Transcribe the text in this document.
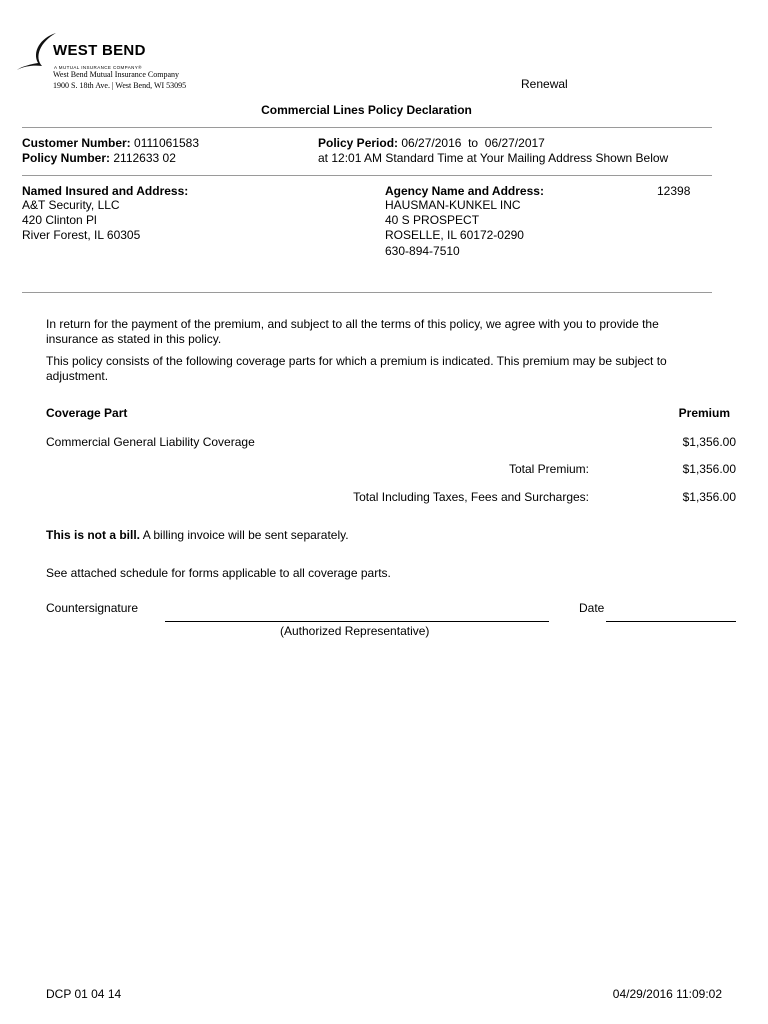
WEST BEND
A MUTUAL INSURANCE COMPANY®
West Bend Mutual Insurance Company
1900 S. 18th Ave. | West Bend, WI 53095	Renewal
Commercial Lines Policy Declaration
Customer Number: 0111061583
Policy Number: 2112633 02
Policy Period: 06/27/2016  to  06/27/2017
at 12:01 AM Standard Time at Your Mailing Address Shown Below
Named Insured and Address:
A&T Security, LLC
420 Clinton Pl
River Forest, IL 60305
Agency Name and Address:	12398
HAUSMAN-KUNKEL INC
40 S PROSPECT
ROSELLE, IL 60172-0290
630-894-7510
In return for the payment of the premium, and subject to all the terms of this policy, we agree with you to provide the insurance as stated in this policy.
This policy consists of the following coverage parts for which a premium is indicated. This premium may be subject to adjustment.
Coverage Part	Premium
Commercial General Liability Coverage	$1,356.00
Total Premium:	$1,356.00
Total Including Taxes, Fees and Surcharges:	$1,356.00
This is not a bill. A billing invoice will be sent separately.
See attached schedule for forms applicable to all coverage parts.
Countersignature
(Authorized Representative)
Date
DCP 01 04 14	04/29/2016 11:09:02
